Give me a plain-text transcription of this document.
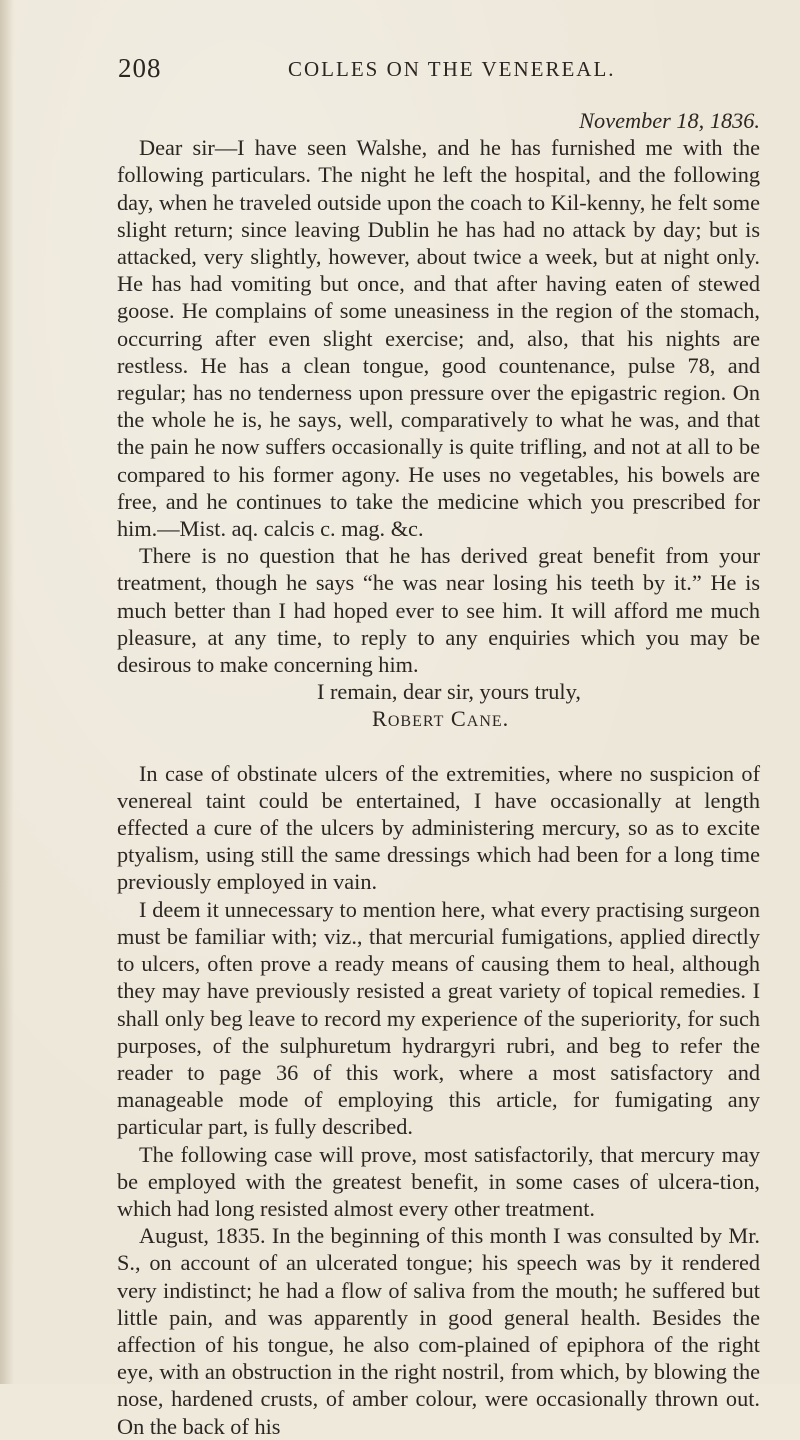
208	COLLES ON THE VENEREAL.

November 18, 1836.

Dear sir—I have seen Walshe, and he has furnished me with the following particulars. The night he left the hospital, and the following day, when he traveled outside upon the coach to Kil-kenny, he felt some slight return; since leaving Dublin he has had no attack by day; but is attacked, very slightly, however, about twice a week, but at night only. He has had vomiting but once, and that after having eaten of stewed goose. He complains of some uneasiness in the region of the stomach, occurring after even slight exercise; and, also, that his nights are restless. He has a clean tongue, good countenance, pulse 78, and regular; has no tenderness upon pressure over the epigastric region. On the whole he is, he says, well, comparatively to what he was, and that the pain he now suffers occasionally is quite trifling, and not at all to be compared to his former agony. He uses no vegetables, his bowels are free, and he continues to take the medicine which you prescribed for him.—Mist. aq. calcis c. mag. &c.

There is no question that he has derived great benefit from your treatment, though he says “he was near losing his teeth by it.” He is much better than I had hoped ever to see him. It will afford me much pleasure, at any time, to reply to any enquiries which you may be desirous to make concerning him.

I remain, dear sir, yours truly,

Robert Cane.

In case of obstinate ulcers of the extremities, where no suspicion of venereal taint could be entertained, I have occasionally at length effected a cure of the ulcers by administering mercury, so as to excite ptyalism, using still the same dressings which had been for a long time previously employed in vain.

I deem it unnecessary to mention here, what every practising surgeon must be familiar with; viz., that mercurial fumigations, applied directly to ulcers, often prove a ready means of causing them to heal, although they may have previously resisted a great variety of topical remedies. I shall only beg leave to record my experience of the superiority, for such purposes, of the sulphuretum hydrargyri rubri, and beg to refer the reader to page 36 of this work, where a most satisfactory and manageable mode of employing this article, for fumigating any particular part, is fully described.

The following case will prove, most satisfactorily, that mercury may be employed with the greatest benefit, in some cases of ulcera-tion, which had long resisted almost every other treatment.

August, 1835. In the beginning of this month I was consulted by Mr. S., on account of an ulcerated tongue; his speech was by it rendered very indistinct; he had a flow of saliva from the mouth; he suffered but little pain, and was apparently in good general health. Besides the affection of his tongue, he also com-plained of epiphora of the right eye, with an obstruction in the right nostril, from which, by blowing the nose, hardened crusts, of amber colour, were occasionally thrown out. On the back of his
